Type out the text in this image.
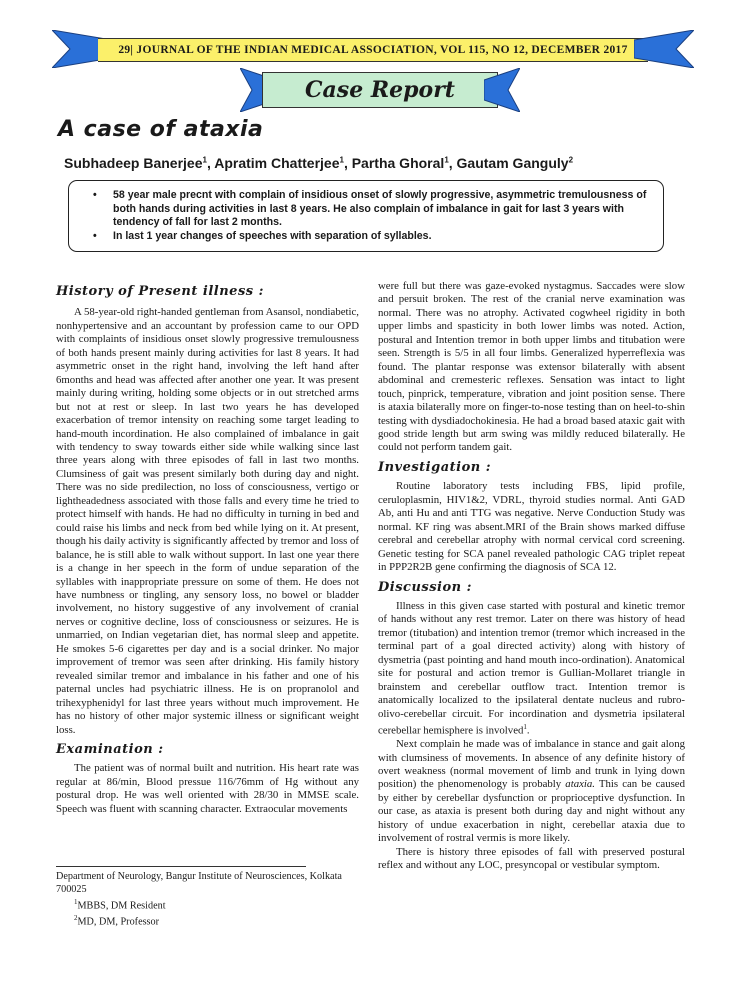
29| JOURNAL OF THE INDIAN MEDICAL ASSOCIATION, VOL 115, NO 12, DECEMBER 2017
Case Report
A case of ataxia
Subhadeep Banerjee$^1$, Apratim Chatterjee$^1$, Partha Ghoral$^1$, Gautam Ganguly$^2$
• 58 year male precnt with complain of insidious onset of slowly progressive, asymmetric tremulousness of both hands during activities in last 8 years. He also complain of imbalance in gait for last 3 years with tendency of fall for last 2 months.
• In last 1 year changes of speeches with separation of syllables.
History of Present illness :

A 58-year-old right-handed gentleman from Asansol, nondiabetic, nonhypertensive and an accountant by profession came to our OPD with complaints of insidious onset slowly progressive tremulousness of both hands present mainly during activities for last 8 years. It had asymmetric onset in the right hand, involving the left hand after 6months and head was affected after another one year. It was present mainly during writing, holding some objects or in out stretched arms but not at rest or sleep. In last two years he has developed exacerbation of tremor intensity on reaching some target leading to hand-mouth incordination. He also complained of imbalance in gait with tendency to sway towards either side while walking since last three years along with three episodes of fall in last two months. Clumsiness of gait was present similarly both during day and night. There was no side predilection, no loss of consciousness, vertigo or lightheadedness associated with those falls and every time he tried to protect himself with hands. He had no difficulty in turning in bed and could raise his limbs and neck from bed while lying on it. At present, though his daily activity is significantly affected by tremor and loss of balance, he is still able to walk without support. In last one year there is a change in her speech in the form of undue separation of the syllables with inappropriate pressure on some of them. He does not have numbness or tingling, any sensory loss, no bowel or bladder involvement, no history suggestive of any involvement of cranial nerves or cognitive decline, loss of consciousness or seizures. He is unmarried, on Indian vegetarian diet, has normal sleep and appetite. He smokes 5-6 cigarettes per day and is a social drinker. No major improvement of tremor was seen after drinking. His family history revealed similar tremor and imbalance in his father and one of his paternal uncles had psychiatric illness. He is on propranolol and trihexyphenidyl for last three years without much improvement. He has no history of other major systemic illness or significant weight loss.

Examination :

The patient was of normal built and nutrition. His heart rate was regular at 86/min, Blood pressue 116/76mm of Hg without any postural drop. He was well oriented with 28/30 in MMSE scale. Speech was fluent with scanning character. Extraocular movements

were full but there was gaze-evoked nystagmus. Saccades were slow and persuit broken. The rest of the cranial nerve examination was normal. There was no atrophy. Activated cogwheel rigidity in both upper limbs and spasticity in both lower limbs was noted. Action, postural and Intention tremor in both upper limbs and titubation were seen. Strength is 5/5 in all four limbs. Generalized hyperreflexia was found. The plantar response was extensor bilaterally with absent abdominal and cremesteric reflexes. Sensation was intact to light touch, pinprick, temperature, vibration and joint position sense. There is ataxia bilaterally more on finger-to-nose testing than on heel-to-shin testing with dysdiadochokinesia. He had a broad based ataxic gait with good stride length but arm swing was mildly reduced bilaterally. He could not perform tandem gait.

Investigation :

Routine laboratory tests including FBS, lipid profile, ceruloplasmin, HIV1&2, VDRL, thyroid studies normal. Anti GAD Ab, anti Hu and anti TTG was negative. Nerve Conduction Study was normal. KF ring was absent.MRI of the Brain shows marked diffuse cerebral and cerebellar atrophy with normal cervical cord screening. Genetic testing for SCA panel revealed pathologic CAG triplet repeat in PPP2R2B gene confirming the diagnosis of SCA 12.

Discussion :

Illness in this given case started with postural and kinetic tremor of hands without any rest tremor. Later on there was history of head tremor (titubation) and intention tremor (tremor which increased in the terminal part of a goal directed activity) along with history of dysmetria (past pointing and hand mouth inco-ordination). Anatomical site for postural and action tremor is Gullian-Mollaret triangle in brainstem and cerebellar outflow tract. Intention tremor is anatomically localized to the ipsilateral dentate nucleus and rubro-olivo-cerebellar circuit. For incordination and dysmetria ipsilateral cerebellar hemisphere is involved$^1$.

Next complain he made was of imbalance in stance and gait along with clumsiness of movements. In absence of any definite history of overt weakness (normal movement of limb and trunk in lying down position) the phenomenology is probably ataxia. This can be caused by either by cerebellar dysfunction or proprioceptive dysfunction. In our case, as ataxia is present both during day and night without any history of undue exacerbation in night, cerebellar ataxia due to involvement of rostral vermis is more likely.

There is history three episodes of fall with preserved postural reflex and without any LOC, presyncopal or vestibular symptom.

Department of Neurology, Bangur Institute of Neurosciences, Kolkata 700025

$^1$MBBS, DM Resident

$^2$MD, DM, Professor
